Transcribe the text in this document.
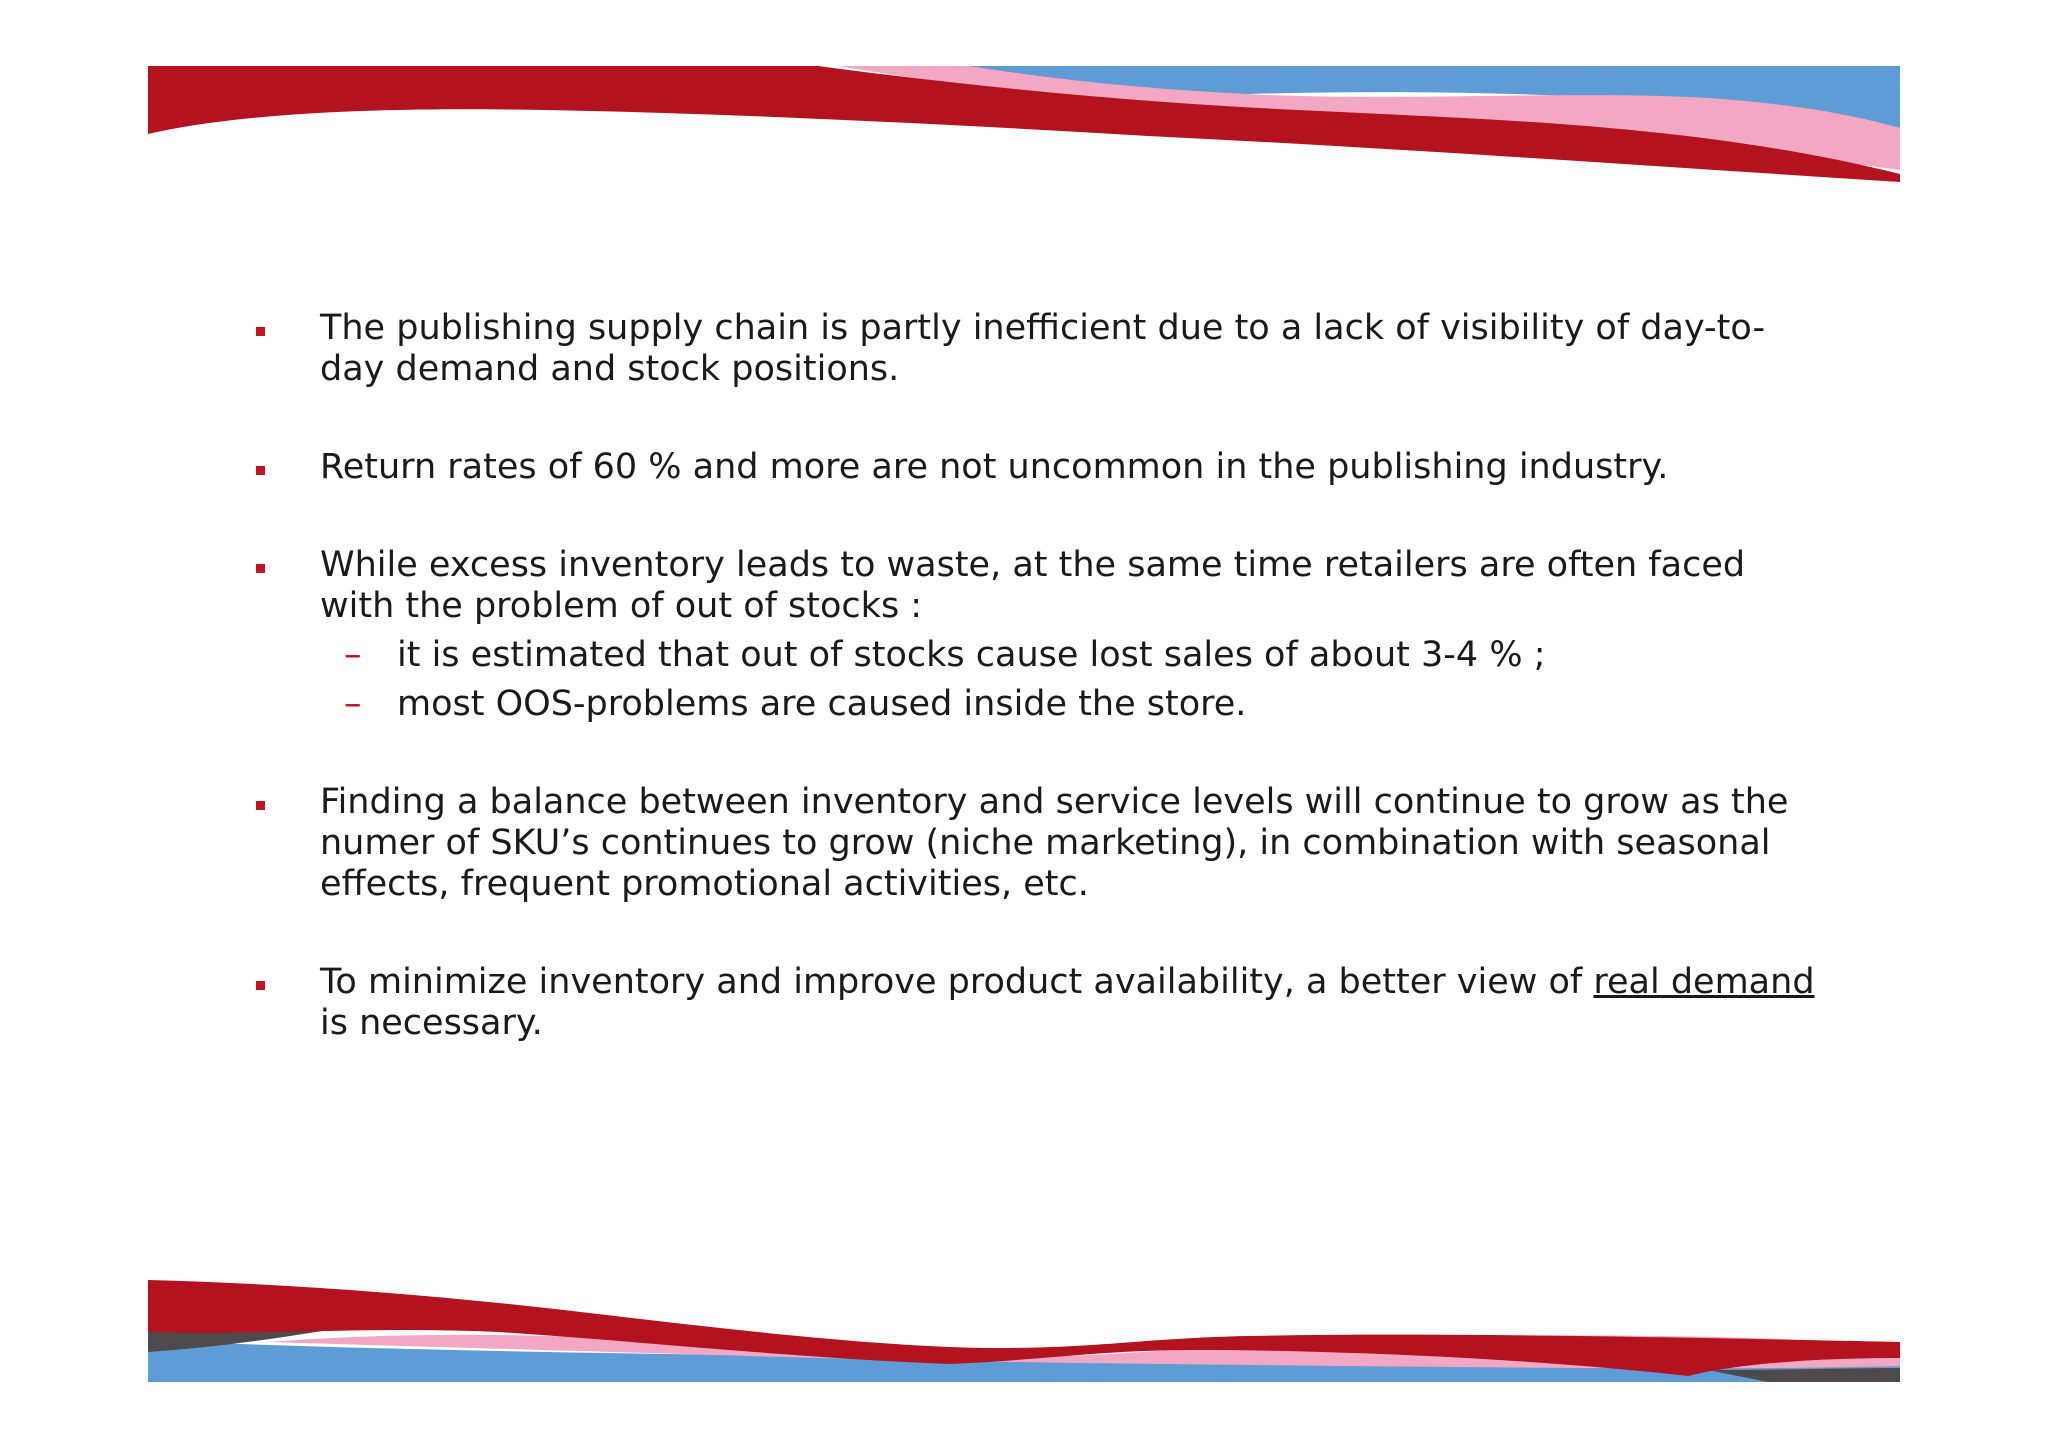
The publishing supply chain is partly inefficient due to a lack of visibility of day-to-day demand and stock positions.
Return rates of 60 % and more are not uncommon in the publishing industry.
While excess inventory leads to waste, at the same time retailers are often faced with the problem of out of stocks :
– it is estimated that out of stocks cause lost sales of about 3-4 % ;
– most OOS-problems are caused inside the store.
Finding a balance between inventory and service levels will continue to grow as the numer of SKU’s continues to grow (niche marketing), in combination with seasonal effects, frequent promotional activities, etc.
To minimize inventory and improve product availability, a better view of real demand is necessary.
